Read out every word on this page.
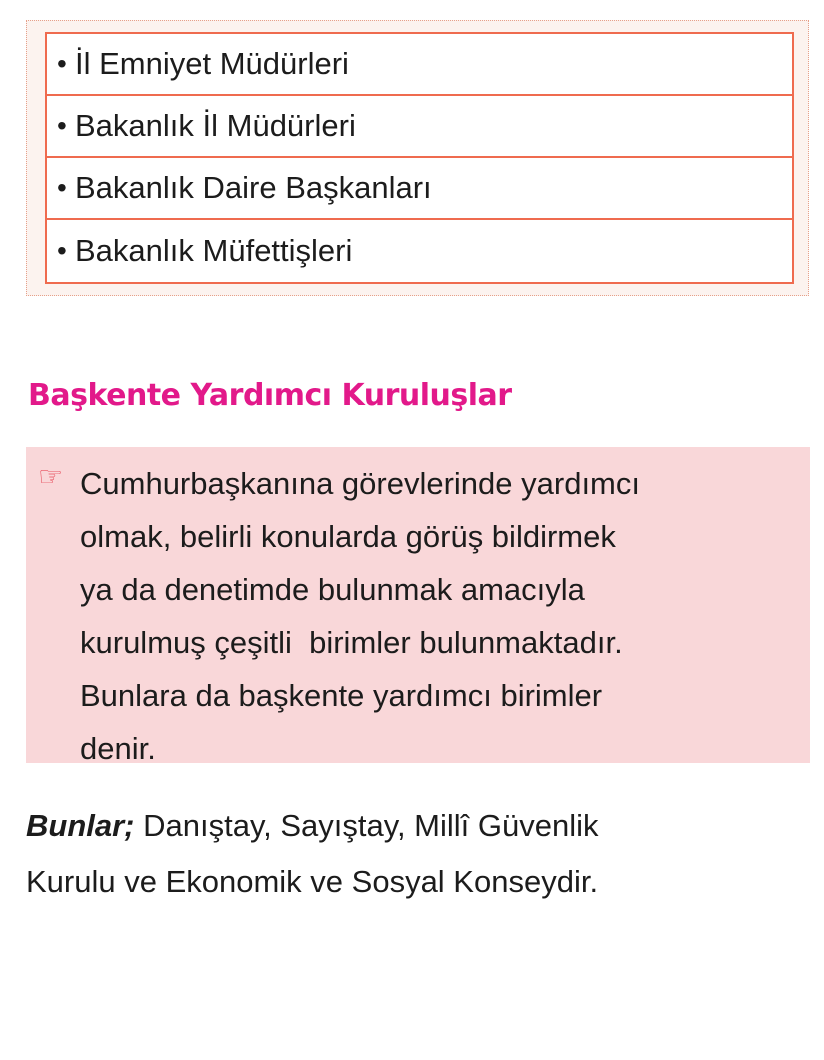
• İl Emniyet Müdürleri
• Bakanlık İl Müdürleri
• Bakanlık Daire Başkanları
• Bakanlık Müfettişleri
Başkente Yardımcı Kuruluşlar
☞ Cumhurbaşkanına görevlerinde yardımcı
olmak, belirli konularda görüş bildirmek
ya da denetimde bulunmak amacıyla
kurulmuş çeşitli  birimler bulunmaktadır.
Bunlara da başkente yardımcı birimler
denir.
Bunlar; Danıştay, Sayıştay, Millî Güvenlik
Kurulu ve Ekonomik ve Sosyal Konseydir.
